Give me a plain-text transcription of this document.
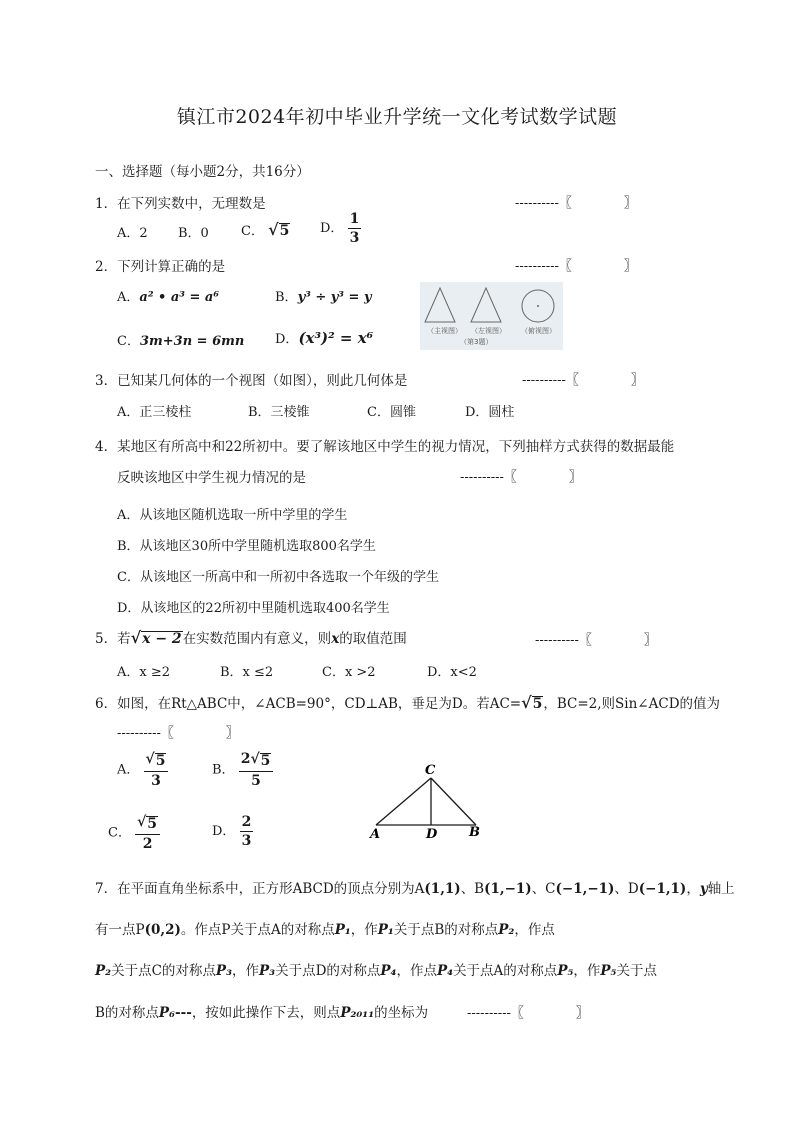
镇江市2024年初中毕业升学统一文化考试数学试题
一、选择题（每小题2分，共16分）
1．在下列实数中，无理数是	----------〖　　　　〗
A．2 B．0 C． √ 5 D． $\frac{1}{3}$
2．下列计算正确的是	----------〖　　　　〗
A．a² • a³ = a⁶	B．y³ ÷ y³ = y
C．3m+3n = 6mn D．(x³)² = x⁶	（主视图） （左视图） （俯视图）
（第3题）
3．已知某几何体的一个视图（如图），则此几何体是	----------〖　　　　〗
A．正三棱柱	B．三棱锥	C．圆锥	D．圆柱
4．某地区有所高中和22所初中。要了解该地区中学生的视力情况，下列抽样方式获得的数据最能
反映该地区中学生视力情况的是	----------〖　　　　〗
A．从该地区随机选取一所中学里的学生
B．从该地区30所中学里随机选取800名学生
C．从该地区一所高中和一所初中各选取一个年级的学生
D．从该地区的22所初中里随机选取400名学生
5．若 √ x − 2 在实数范围内有意义，则x的取值范围	----------〖　　　　〗
A．x ≥2	B．x ≤2	C．x >2	D．x<2
6．如图，在Rt△ABC中，∠ACB=90°，CD⊥AB，垂足为D。若AC= √ 5 ，BC=2,则Sin∠ACD的值为
----------〖　　　　〗
A． $\frac{√ 5}{3}$	B． $\frac{2 √ 5}{5}$
C． $\frac{√ 5}{2}$	D． $\frac{2}{3}$
C
A	D B
7．在平面直角坐标系中，正方形ABCD的顶点分别为A(1,1)、B(1,−1)、C(−1,−1)、D(−1,1)，y轴上
有一点P(0,2)。作点P关于点A的对称点P₁，作P₁关于点B的对称点P₂，作点
P₂关于点C的对称点P₃，作P₃关于点D的对称点P₄，作点P₄关于点A的对称点P₅，作P₅关于点
B的对称点P₆---，按如此操作下去，则点P₂₀₁₁的坐标为	----------〖　　　　〗
